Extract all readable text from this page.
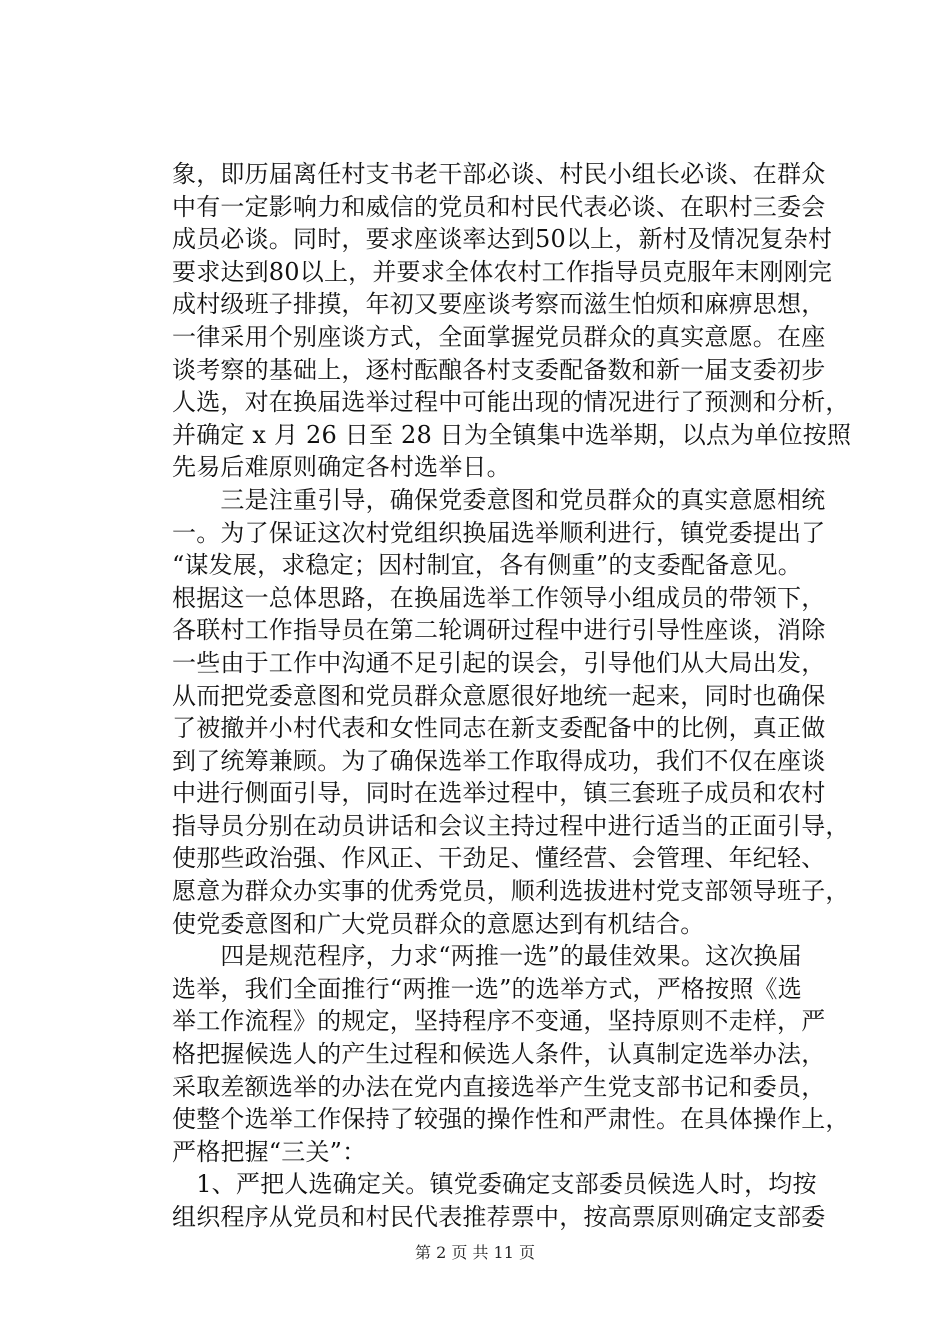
象，即历届离任村支书老干部必谈、村民小组长必谈、在群众
中有一定影响力和威信的党员和村民代表必谈、在职村三委会
成员必谈。同时，要求座谈率达到50以上，新村及情况复杂村
要求达到80以上，并要求全体农村工作指导员克服年末刚刚完
成村级班子排摸，年初又要座谈考察而滋生怕烦和麻痹思想，
一律采用个别座谈方式，全面掌握党员群众的真实意愿。在座
谈考察的基础上，逐村酝酿各村支委配备数和新一届支委初步
人选，对在换届选举过程中可能出现的情况进行了预测和分析，
并确定 x 月 26 日至 28 日为全镇集中选举期，以点为单位按照
先易后难原则确定各村选举日。
　　三是注重引导，确保党委意图和党员群众的真实意愿相统
一。为了保证这次村党组织换届选举顺利进行，镇党委提出了
“谋发展，求稳定；因村制宜，各有侧重”的支委配备意见。
根据这一总体思路，在换届选举工作领导小组成员的带领下，
各联村工作指导员在第二轮调研过程中进行引导性座谈，消除
一些由于工作中沟通不足引起的误会，引导他们从大局出发，
从而把党委意图和党员群众意愿很好地统一起来，同时也确保
了被撤并小村代表和女性同志在新支委配备中的比例，真正做
到了统筹兼顾。为了确保选举工作取得成功，我们不仅在座谈
中进行侧面引导，同时在选举过程中，镇三套班子成员和农村
指导员分别在动员讲话和会议主持过程中进行适当的正面引导，
使那些政治强、作风正、干劲足、懂经营、会管理、年纪轻、
愿意为群众办实事的优秀党员，顺利选拔进村党支部领导班子，
使党委意图和广大党员群众的意愿达到有机结合。
　　四是规范程序，力求“两推一选”的最佳效果。这次换届
选举，我们全面推行“两推一选”的选举方式，严格按照《选
举工作流程》的规定，坚持程序不变通，坚持原则不走样，严
格把握候选人的产生过程和候选人条件，认真制定选举办法，
采取差额选举的办法在党内直接选举产生党支部书记和委员，
使整个选举工作保持了较强的操作性和严肃性。在具体操作上，
严格把握“三关”：
　1、严把人选确定关。镇党委确定支部委员候选人时，均按
组织程序从党员和村民代表推荐票中，按高票原则确定支部委
第 2 页 共 11 页
